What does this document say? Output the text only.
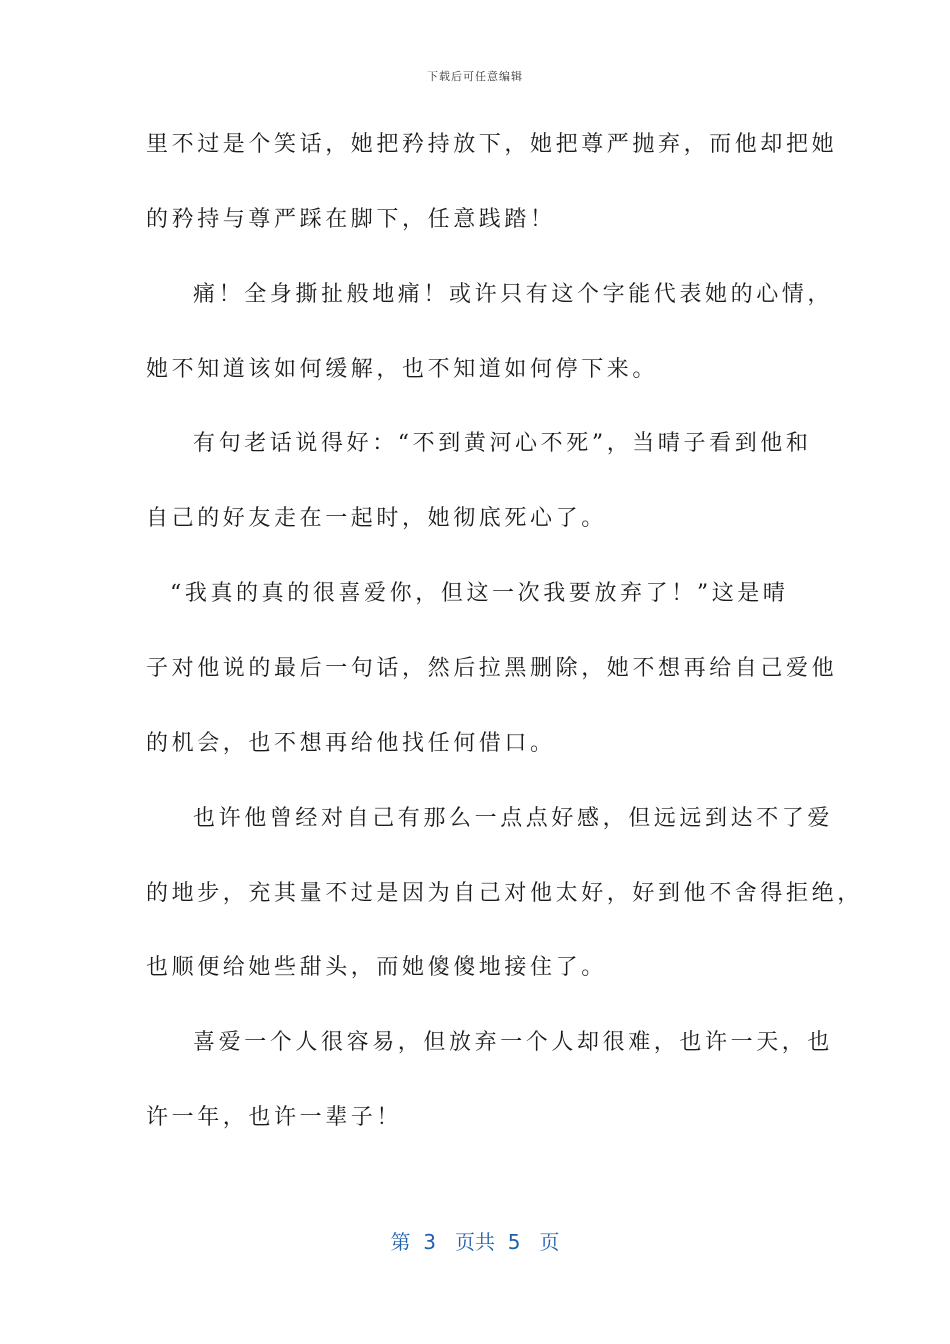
下载后可任意编辑
里不过是个笑话，她把矜持放下，她把尊严抛弃，而他却把她
的矜持与尊严踩在脚下，任意践踏！
痛！全身撕扯般地痛！或许只有这个字能代表她的心情，
她不知道该如何缓解，也不知道如何停下来。
有句老话说得好：“不到黄河心不死”，当晴子看到他和
自己的好友走在一起时，她彻底死心了。
“我真的真的很喜爱你，但这一次我要放弃了！”这是晴
子对他说的最后一句话，然后拉黑删除，她不想再给自己爱他
的机会，也不想再给他找任何借口。
也许他曾经对自己有那么一点点好感，但远远到达不了爱
的地步，充其量不过是因为自己对他太好，好到他不舍得拒绝，
也顺便给她些甜头，而她傻傻地接住了。
喜爱一个人很容易，但放弃一个人却很难，也许一天，也
许一年，也许一辈子！
第  3   页共  5   页
